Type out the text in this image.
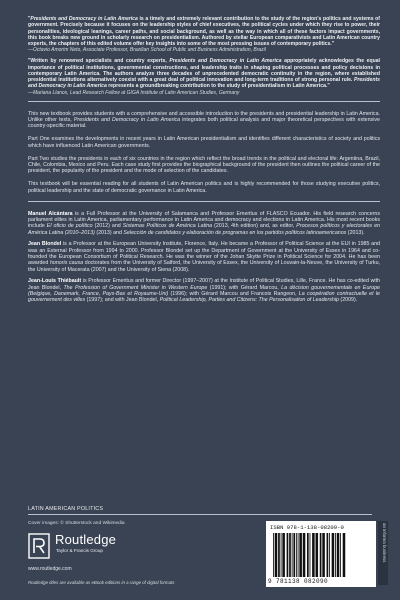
"Presidents and Democracy in Latin America is a timely and extremely relevant contribution to the study of the region's politics and systems of government. Precisely because it focuses on the leadership styles of chief executives, the political cycles under which they rise to power, their personalities, ideological leanings, career paths, and social background, as well as the way in which all of these factors impact governments, this book breaks new ground in scholarly research on presidentialism. Authored by stellar European comparativists and Latin American country experts, the chapters of this edited volume offer key insights into some of the most pressing issues of contemporary politics."

—Octavio Amorim Neto, Associate Professor, Brazilian School of Public and Business Administration, Brazil

"Written by renowned specialists and country experts, Presidents and Democracy in Latin America appropriately acknowledges the equal importance of political institutions, governmental constructions, and leadership traits in shaping political processes and policy decisions in contemporary Latin America. The authors analyze three decades of unprecedented democratic continuity in the region, where established presidential institutions alternatively coexist with a great deal of political innovation and long-term traditions of strong personal rule. Presidents and Democracy in Latin America represents a groundbreaking contribution to the study of presidentialism in Latin America."

—Mariana Llanos, Lead Research Fellow at GIGA Institute of Latin American Studies, Germany

This new textbook provides students with a comprehensive and accessible introduction to the presidents and presidential leadership in Latin America. Unlike other texts, Presidents and Democracy in Latin America integrates both political analysis and major theoretical perspectives with extensive country-specific material.

Part One examines the developments in recent years in Latin American presidentialism and identifies different characteristics of society and politics which have influenced Latin American governments.

Part Two studies the presidents in each of six countries in the region which reflect the broad trends in the political and electoral life: Argentina, Brazil, Chile, Colombia, Mexico and Peru. Each case study first provides the biographical background of the president then outlines the political career of the president, the popularity of the president and the mode of selection of the candidates.

This textbook will be essential reading for all students of Latin American politics and is highly recommended for those studying executive politics, political leadership and the state of democratic governance in Latin America.

Manuel Alcántara is a Full Professor at the University of Salamanca and Professor Emeritus of FLASCO Ecuador. His field research concerns parliament elites in Latin America, parliamentary performance in Latin America and democracy and elections in Latin America. His most recent books include El oficio de político (2012) and Sistemas Políticos de América Latina (2013, 4th edition) and, as editor, Procesos políticos y electorales en América Latina (2010–2013) (2013) and Selección de candidatos y elaboración de programas en los partidos políticos latinoamericanos (2013).

Jean Blondel is a Professor at the European University Institute, Florence, Italy. He became a Professor of Political Science at the EUI in 1985 and was an External Professor from 1994 to 2000. Professor Blondel set up the Department of Government at the University of Essex in 1964 and co-founded the European Consortium of Political Research. He was the winner of the Johan Skytte Prize in Political Science for 2004. He has been awarded honoris causa doctorates from the University of Salford, the University of Essex, the University of Louvain-la-Neuve, the University of Turku, the University of Macerata (2007) and the University of Siena (2008).

Jean-Louis Thiébault is Professor Emeritus and former Director (1997–2007) at the Institute of Political Studies, Lille, France. He has co-edited with Jean Blondel, The Profession of Government Minister in Western Europe (1991); with Gérard Marcou, La décision gouvernementale en Europe (Belgique, Danemark, France, Pays-Bas et Royaume-Uni) (1996); with Gérard Marcou and Francois Rangeon, La coopération contractuelle et le gouvernement des villes (1997); and with Jean Blondel, Political Leadership, Parties and Citizens: The Personalisation of Leadership (2009).

LATIN AMERICAN POLITICS
Cover images: © Shutterstock and Wikimedia
Routledge
Taylor & Francis Group
www.routledge.com
Routledge titles are available as eBook editions in a range of digital formats
ISBN 978-1-138-08209-0
9 781138 082090
an informa business
